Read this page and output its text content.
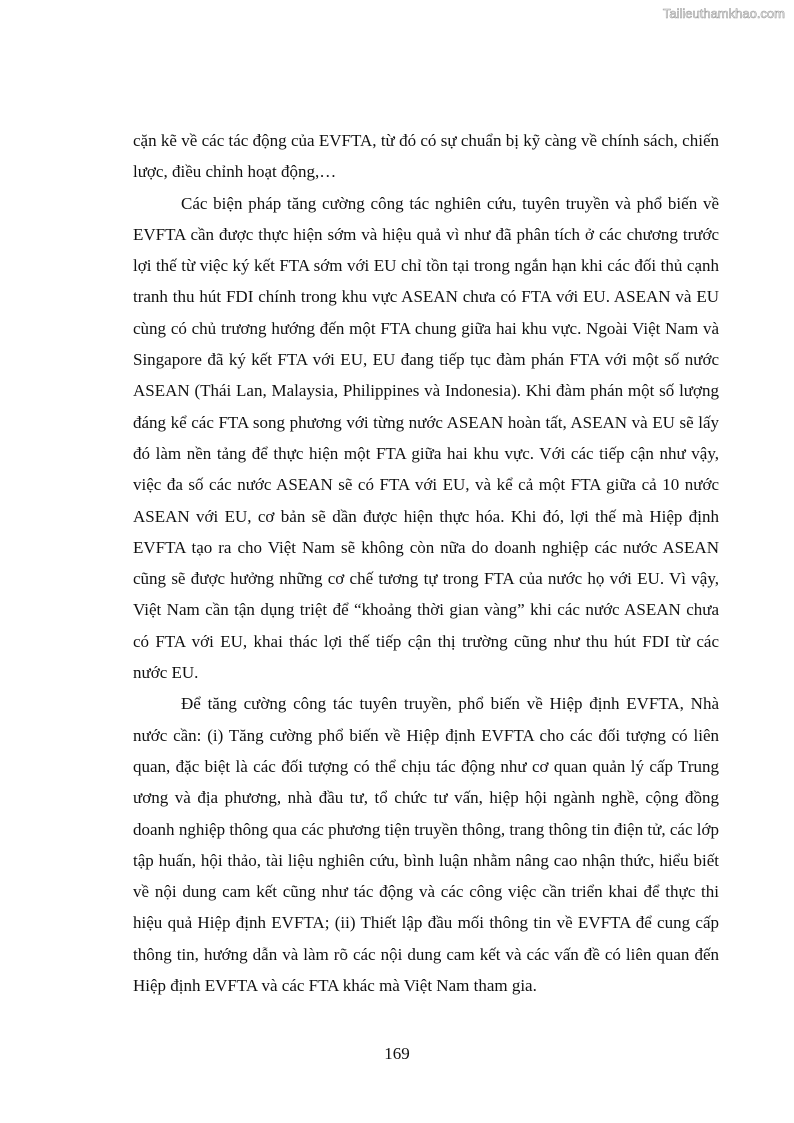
Tailieuthamkhao.com

cặn kẽ về các tác động của EVFTA, từ đó có sự chuẩn bị kỹ càng về chính sách, chiến lược, điều chỉnh hoạt động,…

Các biện pháp tăng cường công tác nghiên cứu, tuyên truyền và phổ biến về EVFTA cần được thực hiện sớm và hiệu quả vì như đã phân tích ở các chương trước lợi thế từ việc ký kết FTA sớm với EU chỉ tồn tại trong ngắn hạn khi các đối thủ cạnh tranh thu hút FDI chính trong khu vực ASEAN chưa có FTA với EU. ASEAN và EU cùng có chủ trương hướng đến một FTA chung giữa hai khu vực. Ngoài Việt Nam và Singapore đã ký kết FTA với EU, EU đang tiếp tục đàm phán FTA với một số nước ASEAN (Thái Lan, Malaysia, Philippines và Indonesia). Khi đàm phán một số lượng đáng kể các FTA song phương với từng nước ASEAN hoàn tất, ASEAN và EU sẽ lấy đó làm nền tảng để thực hiện một FTA giữa hai khu vực. Với các tiếp cận như vậy, việc đa số các nước ASEAN sẽ có FTA với EU, và kể cả một FTA giữa cả 10 nước ASEAN với EU, cơ bản sẽ dần được hiện thực hóa. Khi đó, lợi thế mà Hiệp định EVFTA tạo ra cho Việt Nam sẽ không còn nữa do doanh nghiệp các nước ASEAN cũng sẽ được hưởng những cơ chế tương tự trong FTA của nước họ với EU. Vì vậy, Việt Nam cần tận dụng triệt để “khoảng thời gian vàng” khi các nước ASEAN chưa có FTA với EU, khai thác lợi thế tiếp cận thị trường cũng như thu hút FDI từ các nước EU.

Để tăng cường công tác tuyên truyền, phổ biến về Hiệp định EVFTA, Nhà nước cần: (i) Tăng cường phổ biến về Hiệp định EVFTA cho các đối tượng có liên quan, đặc biệt là các đối tượng có thể chịu tác động như cơ quan quản lý cấp Trung ương và địa phương, nhà đầu tư, tổ chức tư vấn, hiệp hội ngành nghề, cộng đồng doanh nghiệp thông qua các phương tiện truyền thông, trang thông tin điện tử, các lớp tập huấn, hội thảo, tài liệu nghiên cứu, bình luận nhằm nâng cao nhận thức, hiểu biết về nội dung cam kết cũng như tác động và các công việc cần triển khai để thực thi hiệu quả Hiệp định EVFTA; (ii) Thiết lập đầu mối thông tin về EVFTA để cung cấp thông tin, hướng dẫn và làm rõ các nội dung cam kết và các vấn đề có liên quan đến Hiệp định EVFTA và các FTA khác mà Việt Nam tham gia.

169
